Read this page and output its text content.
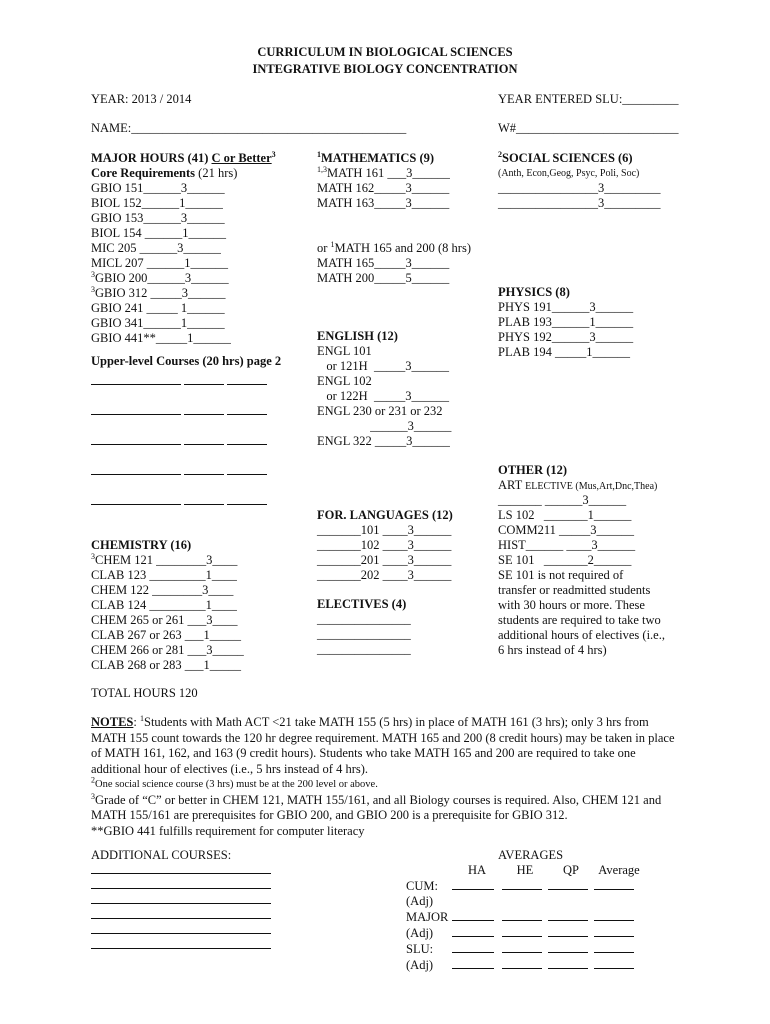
CURRICULUM IN BIOLOGICAL SCIENCES
INTEGRATIVE BIOLOGY CONCENTRATION
YEAR: 2013 / 2014	YEAR ENTERED SLU:_________
NAME:____________________________________________	W#__________________________
MAJOR HOURS (41) C or Better$^3$
Core Requirements (21 hrs)
GBIO 151______3______
BIOL 152______1______
GBIO 153______3______
BIOL 154 ______1______
MIC 205 ______3______
MICL 207 ______1______
$^3$GBIO 200______3______
$^3$GBIO 312 _____3______
GBIO 241 _____ 1______
GBIO 341______1______
GBIO 441**_____1______
Upper-level Courses (20 hrs) page 2

CHEMISTRY (16)
$^3$CHEM 121 ________3____
CLAB 123 _________1____
CHEM 122 ________3____
CLAB 124 _________1____
CHEM 265 or 261 ___3____
CLAB 267 or 263 ___1_____
CHEM 266 or 281 ___3_____
CLAB 268 or 283 ___1_____
$^1$MATHEMATICS (9)
$^{1,3}$MATH 161 ___3______
MATH 162_____3______
MATH 163_____3______
or $^1$MATH 165 and 200 (8 hrs)
MATH 165_____3______
MATH 200_____5______
ENGLISH (12)
ENGL 101
or 121H  _____3______
ENGL 102
or 122H  _____3______
ENGL 230 or 231 or 232
______3______
ENGL 322 _____3______
FOR. LANGUAGES (12)
_______101 ____3______
_______102 ____3______
_______201 ____3______
_______202 ____3______
ELECTIVES (4)
_______________
_______________
_______________
$^2$SOCIAL SCIENCES (6)
(Anth, Econ,Geog, Psyc, Poli, Soc)
________________3_________
________________3_________
PHYSICS (8)
PHYS 191______3______
PLAB 193______1______
PHYS 192______3______
PLAB 194 _____1______
OTHER (12)
ART ELECTIVE (Mus,Art,Dnc,Thea)
_______ ______3______
LS 102   _______1______
COMM211 _____3______
HIST______ ____3______
SE 101   _______2______
SE 101 is not required of
transfer or readmitted students
with 30 hours or more. These
students are required to take two
additional hours of electives (i.e.,
6 hrs instead of 4 hrs)
TOTAL HOURS 120
NOTES: $^1$Students with Math ACT <21 take MATH 155 (5 hrs) in place of MATH 161 (3 hrs); only 3 hrs from MATH 155 count towards the 120 hr degree requirement. MATH 165 and 200 (8 credit hours) may be taken in place of MATH 161, 162, and 163 (9 credit hours). Students who take MATH 165 and 200 are required to take one additional hour of electives (i.e., 5 hrs instead of 4 hrs).
$^2$One social science course (3 hrs) must be at the 200 level or above.
$^3$Grade of “C” or better in CHEM 121, MATH 155/161, and all Biology courses is required. Also, CHEM 121 and MATH 155/161 are prerequisites for GBIO 200, and GBIO 200 is a prerequisite for GBIO 312.
**GBIO 441 fulfills requirement for computer literacy
ADDITIONAL COURSES:	AVERAGES
	HA	HE	QP	Average
CUM:				
(Adj)				
MAJOR				
(Adj)				
SLU:				
(Adj)				
